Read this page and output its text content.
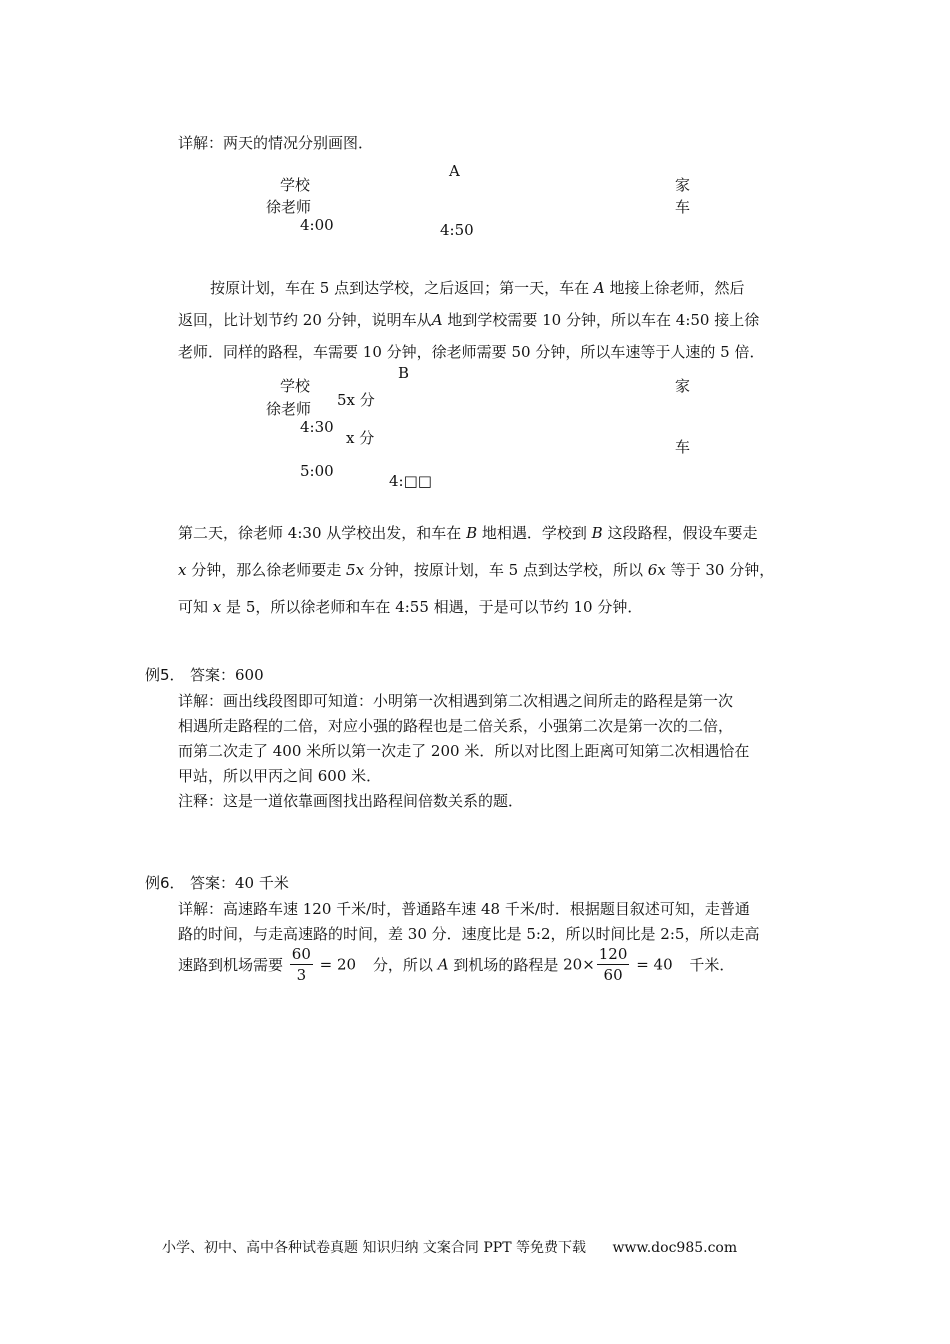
详解：两天的情况分别画图．
A
学校
徐老师
4:00	4:50
家
车
按原计划，车在 5 点到达学校，之后返回；第一天，车在 A 地接上徐老师，然后
返回，比计划节约 20 分钟，说明车从A 地到学校需要 10 分钟，所以车在 4:50 接上徐
老师．同样的路程，车需要 10 分钟，徐老师需要 50 分钟，所以车速等于人速的 5 倍．
B
学校
徐老师 5x 分
4:30
x 分
5:00
4:□□
家
车
第二天，徐老师 4:30 从学校出发，和车在 B 地相遇．学校到 B 这段路程，假设车要走
x 分钟，那么徐老师要走 5x 分钟，按原计划，车 5 点到达学校，所以 6x 等于 30 分钟，
可知 x 是 5，所以徐老师和车在 4:55 相遇，于是可以节约 10 分钟．
例5． 答案：600
详解：画出线段图即可知道：小明第一次相遇到第二次相遇之间所走的路程是第一次
相遇所走路程的二倍，对应小强的路程也是二倍关系，小强第二次是第一次的二倍，
而第二次走了 400 米所以第一次走了 200 米．所以对比图上距离可知第二次相遇恰在
甲站，所以甲丙之间 600 米．
注释：这是一道依靠画图找出路程间倍数关系的题．
例6． 答案：40 千米
详解：高速路车速 120 千米/时，普通路车速 48 千米/时．根据题目叙述可知，走普通
路的时间，与走高速路的时间，差 30 分．速度比是 5:2，所以时间比是 2:5，所以走高
速路到机场需要 $\frac{60}{3} = 20$ 分，所以 A 到机场的路程是 $20\times \frac{120}{60} = 40$ 千米．
小学、初中、高中各种试卷真题 知识归纳 文案合同 PPT 等免费下载 www.doc985.com
